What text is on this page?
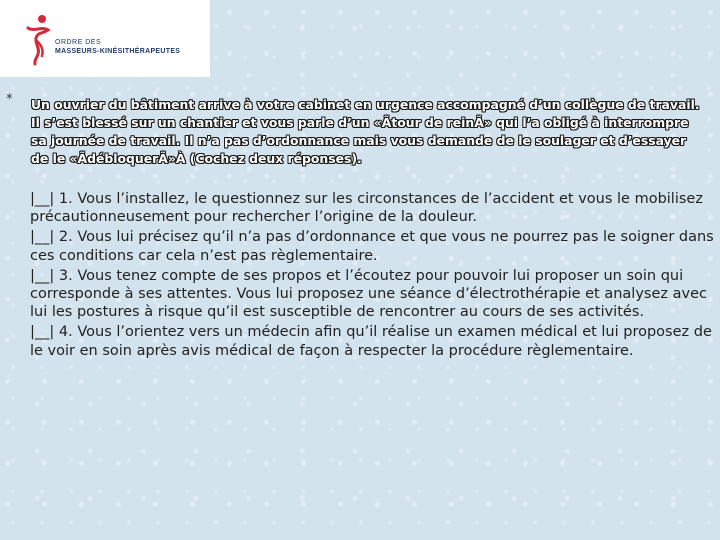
ORDRE DES
MASSEURS-KINÉSITHÉRAPEUTES
* Un ouvrier du bâtiment arrive à votre cabinet en urgence accompagné d’un collègue de travail. Il s’est blessé sur un chantier et vous parle d’un «Ãtour de reinÃ» qui l’a obligé à interrompre sa journée de travail. Il n’a pas d’ordonnance mais vous demande de le soulager et d’essayer de le «ÃdébloquerÃ»À (Cochez deux réponses).

|__| 1. Vous l’installez, le questionnez sur les circonstances de l’accident et vous le mobilisez précautionneusement pour rechercher l’origine de la douleur.

|__| 2. Vous lui précisez qu’il n’a pas d’ordonnance et que vous ne pourrez pas le soigner dans ces conditions car cela n’est pas règlementaire.

|__| 3. Vous tenez compte de ses propos et l’écoutez pour pouvoir lui proposer un soin qui corresponde à ses attentes. Vous lui proposez une séance d’électrothérapie et analysez avec lui les postures à risque qu’il est susceptible de rencontrer au cours de ses activités.

|__| 4. Vous l’orientez vers un médecin afin qu’il réalise un examen médical et lui proposez de le voir en soin après avis médical de façon à respecter la procédure règlementaire.
